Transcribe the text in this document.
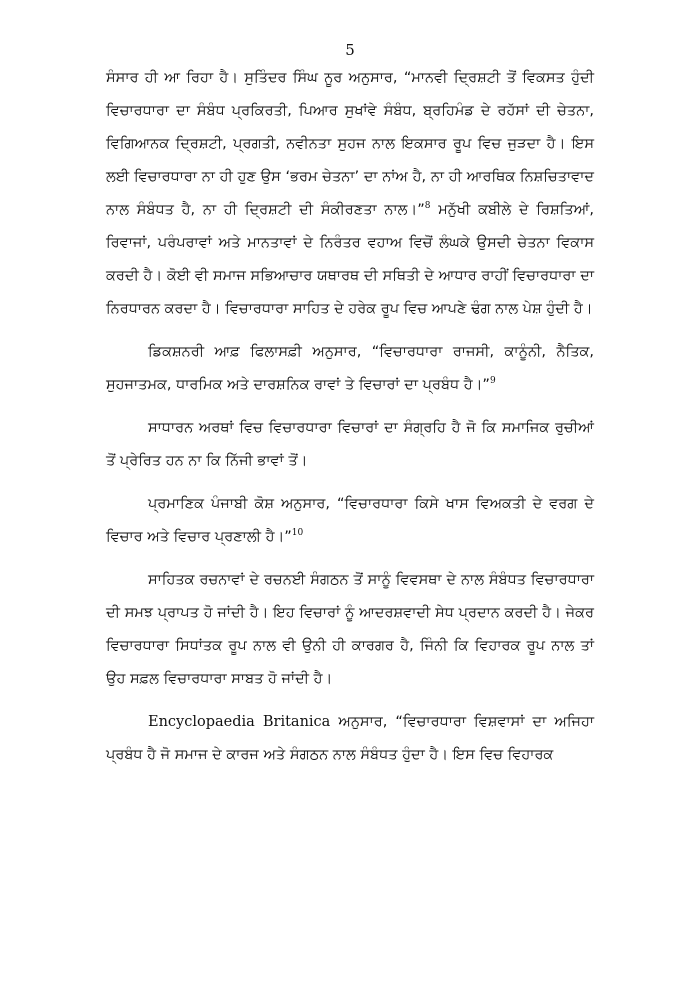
5

ਸੰਸਾਰ ਹੀ ਆ ਰਿਹਾ ਹੈ। ਸੁਤਿੰਦਰ ਸਿੰਘ ਨੂਰ ਅਨੁਸਾਰ, “ਮਾਨਵੀ ਦ੍ਰਿਸ਼ਟੀ ਤੋਂ ਵਿਕਸਤ ਹੁੰਦੀ ਵਿਚਾਰਧਾਰਾ ਦਾ ਸੰਬੰਧ ਪ੍ਰਕਿਰਤੀ, ਪਿਆਰ ਸੁਖਾਂਵੇ ਸੰਬੰਧ, ਬ੍ਰਹਿਮੰਡ ਦੇ ਰਹੱਸਾਂ ਦੀ ਚੇਤਨਾ, ਵਿਗਿਆਨਕ ਦ੍ਰਿਸ਼ਟੀ, ਪ੍ਰਗਤੀ, ਨਵੀਨਤਾ ਸੁਹਜ ਨਾਲ ਇਕਸਾਰ ਰੂਪ ਵਿਚ ਜੁੜਦਾ ਹੈ। ਇਸ ਲਈ ਵਿਚਾਰਧਾਰਾ ਨਾ ਹੀ ਹੁਣ ਉਸ ‘ਭਰਮ ਚੇਤਨਾ’ ਦਾ ਨਾਂਅ ਹੈ, ਨਾ ਹੀ ਆਰਥਿਕ ਨਿਸ਼ਚਿਤਾਵਾਦ ਨਾਲ ਸੰਬੰਧਤ ਹੈ, ਨਾ ਹੀ ਦ੍ਰਿਸ਼ਟੀ ਦੀ ਸੰਕੀਰਣਤਾ ਨਾਲ।”$^8$ ਮਨੁੱਖੀ ਕਬੀਲੇ ਦੇ ਰਿਸ਼ਤਿਆਂ, ਰਿਵਾਜਾਂ, ਪਰੰਪਰਾਵਾਂ ਅਤੇ ਮਾਨਤਾਵਾਂ ਦੇ ਨਿਰੰਤਰ ਵਹਾਅ ਵਿਚੋਂ ਲੰਘਕੇ ਉਸਦੀ ਚੇਤਨਾ ਵਿਕਾਸ ਕਰਦੀ ਹੈ। ਕੋਈ ਵੀ ਸਮਾਜ ਸਭਿਆਚਾਰ ਯਥਾਰਥ ਦੀ ਸਥਿਤੀ ਦੇ ਆਧਾਰ ਰਾਹੀਂ ਵਿਚਾਰਧਾਰਾ ਦਾ ਨਿਰਧਾਰਨ ਕਰਦਾ ਹੈ। ਵਿਚਾਰਧਾਰਾ ਸਾਹਿਤ ਦੇ ਹਰੇਕ ਰੂਪ ਵਿਚ ਆਪਣੇ ਢੰਗ ਨਾਲ ਪੇਸ਼ ਹੁੰਦੀ ਹੈ।

ਡਿਕਸ਼ਨਰੀ ਆਫ਼ ਫਿਲਾਸਫ਼ੀ ਅਨੁਸਾਰ, “ਵਿਚਾਰਧਾਰਾ ਰਾਜਸੀ, ਕਾਨੂੰਨੀ, ਨੈਤਿਕ, ਸੁਹਜਾਤਮਕ, ਧਾਰਮਿਕ ਅਤੇ ਦਾਰਸ਼ਨਿਕ ਰਾਵਾਂ ਤੇ ਵਿਚਾਰਾਂ ਦਾ ਪ੍ਰਬੰਧ ਹੈ।”$^9$

ਸਾਧਾਰਨ ਅਰਥਾਂ ਵਿਚ ਵਿਚਾਰਧਾਰਾ ਵਿਚਾਰਾਂ ਦਾ ਸੰਗ੍ਰਹਿ ਹੈ ਜੋ ਕਿ ਸਮਾਜਿਕ ਰੁਚੀਆਂ ਤੋਂ ਪ੍ਰੇਰਿਤ ਹਨ ਨਾ ਕਿ ਨਿੱਜੀ ਭਾਵਾਂ ਤੋਂ।

ਪ੍ਰਮਾਣਿਕ ਪੰਜਾਬੀ ਕੋਸ਼ ਅਨੁਸਾਰ, “ਵਿਚਾਰਧਾਰਾ ਕਿਸੇ ਖਾਸ ਵਿਅਕਤੀ ਦੇ ਵਰਗ ਦੇ ਵਿਚਾਰ ਅਤੇ ਵਿਚਾਰ ਪ੍ਰਣਾਲੀ ਹੈ।”$^{10}$

ਸਾਹਿਤਕ ਰਚਨਾਵਾਂ ਦੇ ਰਚਨਈ ਸੰਗਠਨ ਤੋਂ ਸਾਨੂੰ ਵਿਵਸਥਾ ਦੇ ਨਾਲ ਸੰਬੰਧਤ ਵਿਚਾਰਧਾਰਾ ਦੀ ਸਮਝ ਪ੍ਰਾਪਤ ਹੋ ਜਾਂਦੀ ਹੈ। ਇਹ ਵਿਚਾਰਾਂ ਨੂੰ ਆਦਰਸ਼ਵਾਦੀ ਸੇਧ ਪ੍ਰਦਾਨ ਕਰਦੀ ਹੈ। ਜੇਕਰ ਵਿਚਾਰਧਾਰਾ ਸਿਧਾਂਤਕ ਰੂਪ ਨਾਲ ਵੀ ਉਨੀ ਹੀ ਕਾਰਗਰ ਹੈ, ਜਿੰਨੀ ਕਿ ਵਿਹਾਰਕ ਰੂਪ ਨਾਲ ਤਾਂ ਉਹ ਸਫ਼ਲ ਵਿਚਾਰਧਾਰਾ ਸਾਬਤ ਹੋ ਜਾਂਦੀ ਹੈ।

Encyclopaedia Britanica ਅਨੁਸਾਰ, “ਵਿਚਾਰਧਾਰਾ ਵਿਸ਼ਵਾਸਾਂ ਦਾ ਅਜਿਹਾ ਪ੍ਰਬੰਧ ਹੈ ਜੋ ਸਮਾਜ ਦੇ ਕਾਰਜ ਅਤੇ ਸੰਗਠਨ ਨਾਲ ਸੰਬੰਧਤ ਹੁੰਦਾ ਹੈ। ਇਸ ਵਿਚ ਵਿਹਾਰਕ
